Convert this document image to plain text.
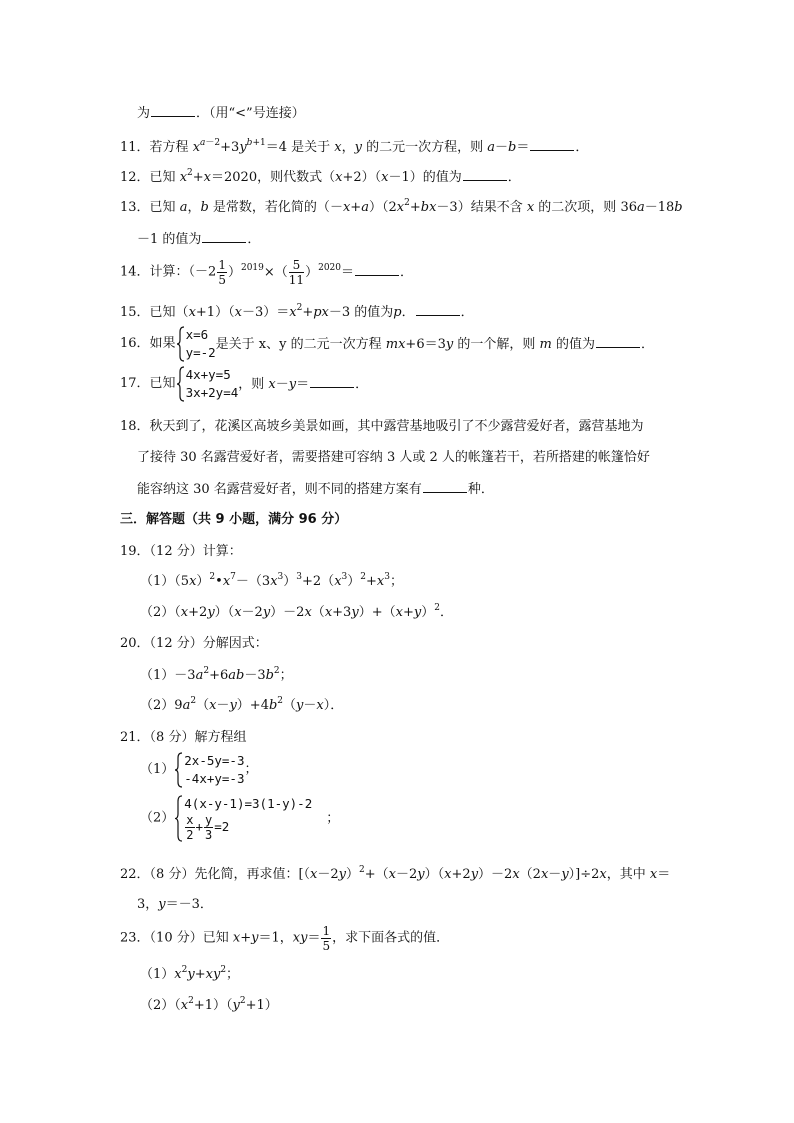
为	．（用“<”号连接）
11．若方程 $x^{a-2}+3y^{b+1}=4$ 是关于 x，y 的二元一次方程，则 a－b＝	．
12．已知 $x^2+x=2020$，则代数式（x+2）（x－1）的值为	．
13．已知 a，b 是常数，若化简的$(-x+a)(2x^2+bx-3)$结果不含 x 的二次项，则 36a－18b
－1 的值为	．
14．计算：$(-2 \frac{1}{5} )^{2019}\times( \frac{5}{11} )^{2020}=$	．
15．已知$(x+1)(x-3)=x^2+px-3$ 的值为p．	．
16．如果
x=6
y=-2
是关于 x、y 的二元一次方程 mx+6＝3y 的一个解，则 m 的值为	．
17．已知
4x+y=5
3x+2y=4
，则 x－y＝	．
18．秋天到了，花溪区高坡乡美景如画，其中露营基地吸引了不少露营爱好者，露营基地为
了接待 30 名露营爱好者，需要搭建可容纳 3 人或 2 人的帐篷若干，若所搭建的帐篷恰好
能容纳这 30 名露营爱好者，则不同的搭建方案有	种．
三．解答题（共 9 小题，满分 96 分）
19．（12 分）计算：
$(1)(5x)^2•x^7-(3x^3)^3+2(x^3)^2+x^3$；
$(2)(x+2y)(x-2y)-2x(x+3y)+(x+y)^2$．
20．（12 分）分解因式：
$(1)-3a^2+6ab-3b^2$；
$(2)9a^2(x-y)+4b^2(y-x)$．
21．（8 分）解方程组
（1）
2x-5y=-3
-4x+y=-3
；
（2）
4(x-y-1)=3(1-y)-2
$\frac{x}{2} + \frac{y}{3} =2$
；
22．（8 分）先化简，再求值：$[(x-2y)^2+(x-2y)(x+2y)-2x(2x-y)]\div 2x$，其中 x＝
3，y＝－3．
23．（10 分）已知 x+y＝1，$xy= \frac{1}{5}$ ，求下面各式的值．
$(1)x^2y+xy^2$；
$(2)(x^2+1)(y^2+1)$
